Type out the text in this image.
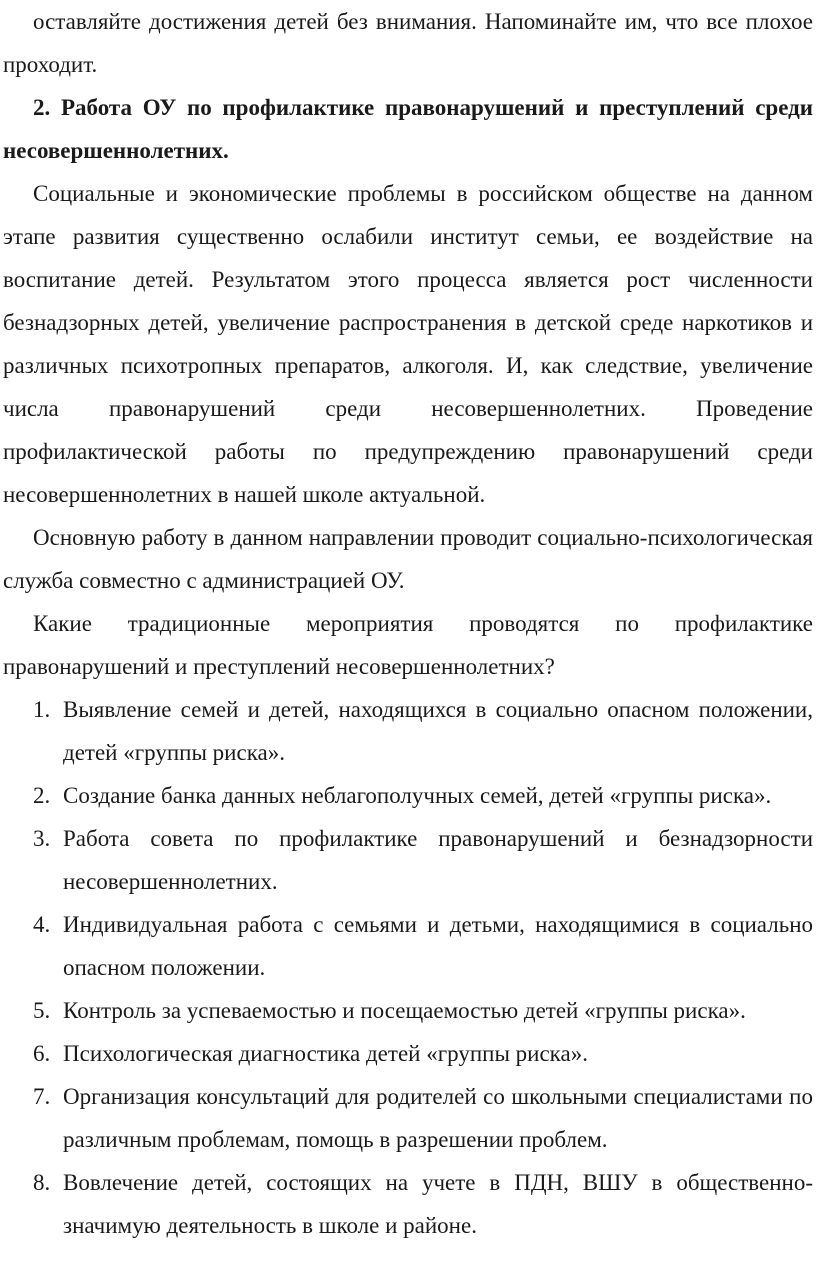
оставляйте достижения детей без внимания. Напоминайте им, что все плохое проходит.

2. Работа ОУ по профилактике правонарушений и преступлений среди несовершеннолетних.

Социальные и экономические проблемы в российском обществе на данном этапе развития существенно ослабили институт семьи, ее воздействие на воспитание детей. Результатом этого процесса является рост численности безнадзорных детей, увеличение распространения в детской среде наркотиков и различных психотропных препаратов, алкоголя. И, как следствие, увеличение числа правонарушений среди несовершеннолетних. Проведение профилактической работы по предупреждению правонарушений среди несовершеннолетних в нашей школе актуальной.

Основную работу в данном направлении проводит социально-психологическая служба совместно с администрацией ОУ.

Какие традиционные мероприятия проводятся по профилактике правонарушений и преступлений несовершеннолетних?

1. Выявление семей и детей, находящихся в социально опасном положении, детей «группы риска».
2. Создание банка данных неблагополучных семей, детей «группы риска».
3. Работа совета по профилактике правонарушений и безнадзорности несовершеннолетних.
4. Индивидуальная работа с семьями и детьми, находящимися в социально опасном положении.
5. Контроль за успеваемостью и посещаемостью детей «группы риска».
6. Психологическая диагностика детей «группы риска».
7. Организация консультаций для родителей со школьными специалистами по различным проблемам, помощь в разрешении проблем.
8. Вовлечение детей, состоящих на учете в ПДН, ВШУ в общественно-значимую деятельность в школе и районе.
